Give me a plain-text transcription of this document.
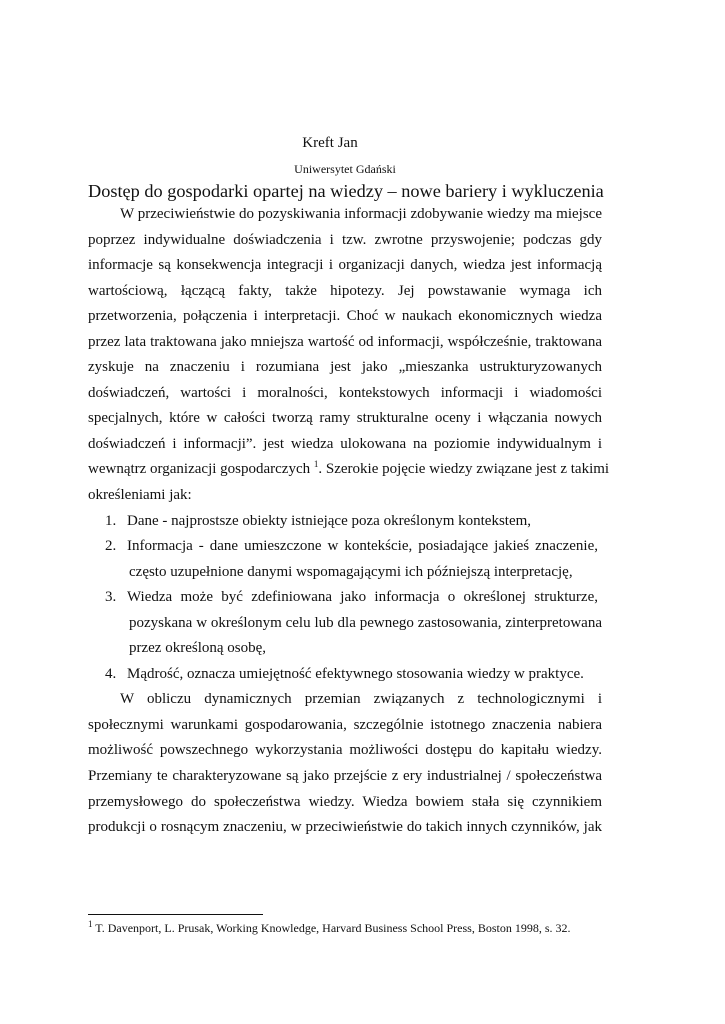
Kreft Jan
Uniwersytet Gdański
Dostęp do gospodarki opartej na wiedzy – nowe bariery i wykluczenia
W przeciwieństwie do pozyskiwania informacji zdobywanie wiedzy ma miejsce
poprzez indywidualne doświadczenia i tzw. zwrotne przyswojenie; podczas gdy
informacje są konsekwencja integracji i organizacji danych, wiedza jest informacją
wartościową, łączącą fakty, także hipotezy. Jej powstawanie wymaga ich
przetworzenia, połączenia i interpretacji. Choć w naukach ekonomicznych wiedza
przez lata traktowana jako mniejsza wartość od informacji, współcześnie, traktowana
zyskuje na znaczeniu i rozumiana jest jako „mieszanka ustrukturyzowanych
doświadczeń, wartości i moralności, kontekstowych informacji i wiadomości
specjalnych, które w całości tworzą ramy strukturalne oceny i włączania nowych
doświadczeń i informacji”. jest wiedza ulokowana na poziomie indywidualnym i
wewnątrz organizacji gospodarczych $^1$. Szerokie pojęcie wiedzy związane jest z takimi
określeniami jak:
1. Dane - najprostsze obiekty istniejące poza określonym kontekstem,
2. Informacja - dane umieszczone w kontekście, posiadające jakieś znaczenie,
często uzupełnione danymi wspomagającymi ich późniejszą interpretację,
3. Wiedza może być zdefiniowana jako informacja o określonej strukturze,
pozyskana w określonym celu lub dla pewnego zastosowania, zinterpretowana
przez określoną osobę,
4. Mądrość, oznacza umiejętność efektywnego stosowania wiedzy w praktyce.
W obliczu dynamicznych przemian związanych z technologicznymi i
społecznymi warunkami gospodarowania, szczególnie istotnego znaczenia nabiera
możliwość powszechnego wykorzystania możliwości dostępu do kapitału wiedzy.
Przemiany te charakteryzowane są jako przejście z ery industrialnej / społeczeństwa
przemysłowego do społeczeństwa wiedzy. Wiedza bowiem stała się czynnikiem
produkcji o rosnącym znaczeniu, w przeciwieństwie do takich innych czynników, jak
$^1$ T. Davenport, L. Prusak, Working Knowledge, Harvard Business School Press, Boston 1998, s. 32.
